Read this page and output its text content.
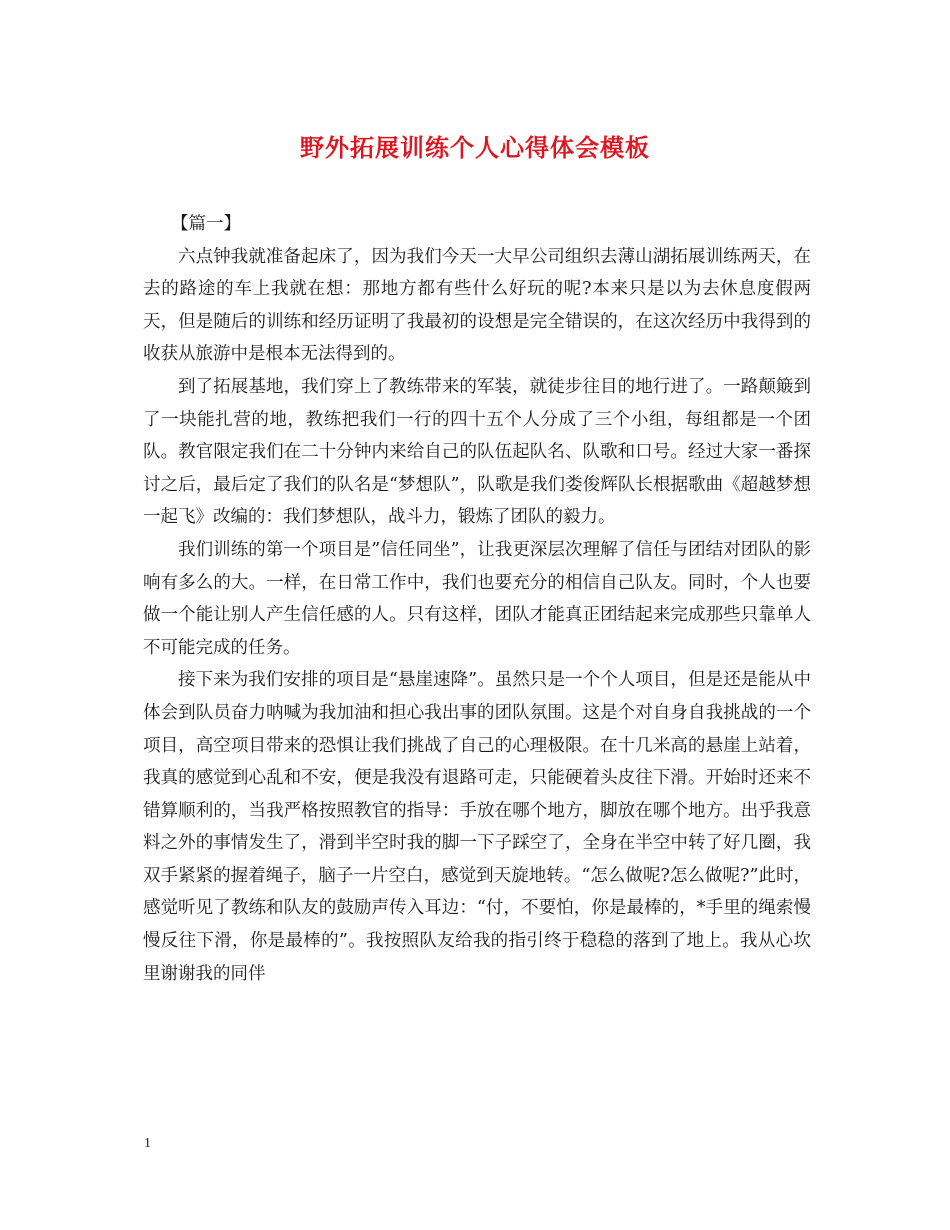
野外拓展训练个人心得体会模板

【篇一】

六点钟我就准备起床了，因为我们今天一大早公司组织去薄山湖拓展训练两天，在去的路途的车上我就在想：那地方都有些什么好玩的呢?本来只是以为去休息度假两天，但是随后的训练和经历证明了我最初的设想是完全错误的，在这次经历中我得到的收获从旅游中是根本无法得到的。

到了拓展基地，我们穿上了教练带来的军装，就徒步往目的地行进了。一路颠簸到了一块能扎营的地，教练把我们一行的四十五个人分成了三个小组，每组都是一个团队。教官限定我们在二十分钟内来给自己的队伍起队名、队歌和口号。经过大家一番探讨之后，最后定了我们的队名是“梦想队”，队歌是我们娄俊辉队长根据歌曲《超越梦想一起飞》改编的：我们梦想队，战斗力，锻炼了团队的毅力。

我们训练的第一个项目是”信任同坐”，让我更深层次理解了信任与团结对团队的影响有多么的大。一样，在日常工作中，我们也要充分的相信自己队友。同时，个人也要做一个能让别人产生信任感的人。只有这样，团队才能真正团结起来完成那些只靠单人不可能完成的任务。

接下来为我们安排的项目是“悬崖速降”。虽然只是一个个人项目，但是还是能从中体会到队员奋力呐喊为我加油和担心我出事的团队氛围。这是个对自身自我挑战的一个项目，高空项目带来的恐惧让我们挑战了自己的心理极限。在十几米高的悬崖上站着，我真的感觉到心乱和不安，便是我没有退路可走，只能硬着头皮往下滑。开始时还来不错算顺利的，当我严格按照教官的指导：手放在哪个地方，脚放在哪个地方。出乎我意料之外的事情发生了，滑到半空时我的脚一下子踩空了，全身在半空中转了好几圈，我双手紧紧的握着绳子，脑子一片空白，感觉到天旋地转。“怎么做呢?怎么做呢?”此时，感觉听见了教练和队友的鼓励声传入耳边：“付，不要怕，你是最棒的，*手里的绳索慢慢反往下滑，你是最棒的”。我按照队友给我的指引终于稳稳的落到了地上。我从心坎里谢谢我的同伴

1
